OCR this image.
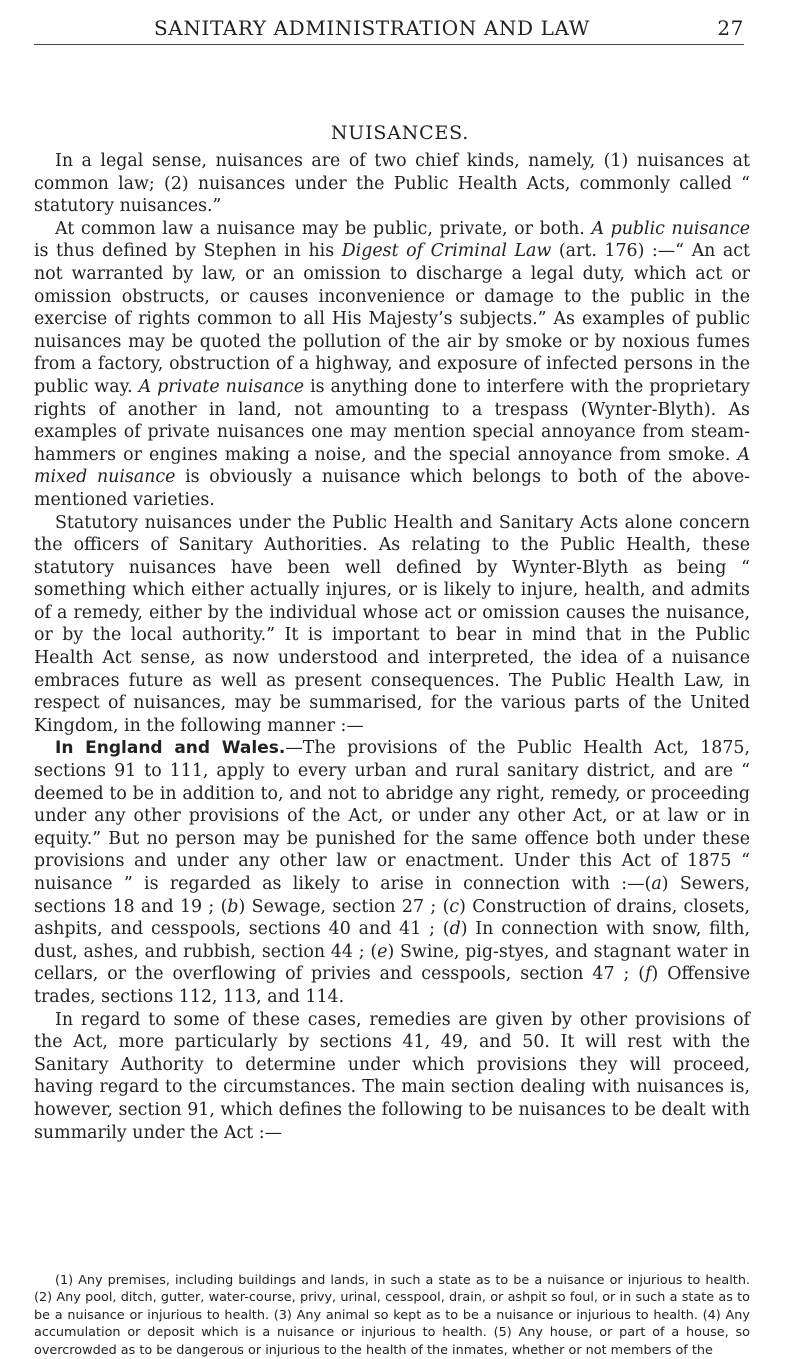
SANITARY ADMINISTRATION AND LAW	27
NUISANCES.

In a legal sense, nuisances are of two chief kinds, namely, (1) nuisances at common law; (2) nuisances under the Public Health Acts, commonly called “ statutory nuisances.”

At common law a nuisance may be public, private, or both. A public nuisance is thus defined by Stephen in his Digest of Criminal Law (art. 176) :—“ An act not warranted by law, or an omission to discharge a legal duty, which act or omission obstructs, or causes inconvenience or damage to the public in the exercise of rights common to all His Majesty’s subjects.” As examples of public nuisances may be quoted the pollution of the air by smoke or by noxious fumes from a factory, obstruction of a highway, and exposure of infected persons in the public way. A private nuisance is anything done to interfere with the proprietary rights of another in land, not amounting to a trespass (Wynter-Blyth). As examples of private nuisances one may mention special annoyance from steam-hammers or engines making a noise, and the special annoyance from smoke. A mixed nuisance is obviously a nuisance which belongs to both of the above-mentioned varieties.

Statutory nuisances under the Public Health and Sanitary Acts alone concern the officers of Sanitary Authorities. As relating to the Public Health, these statutory nuisances have been well defined by Wynter-Blyth as being “ something which either actually injures, or is likely to injure, health, and admits of a remedy, either by the individual whose act or omission causes the nuisance, or by the local authority.” It is important to bear in mind that in the Public Health Act sense, as now understood and interpreted, the idea of a nuisance embraces future as well as present consequences. The Public Health Law, in respect of nuisances, may be summarised, for the various parts of the United Kingdom, in the following manner :—

In England and Wales.—The provisions of the Public Health Act, 1875, sections 91 to 111, apply to every urban and rural sanitary district, and are “ deemed to be in addition to, and not to abridge any right, remedy, or proceeding under any other provisions of the Act, or under any other Act, or at law or in equity.” But no person may be punished for the same offence both under these provisions and under any other law or enactment. Under this Act of 1875 “ nuisance ” is regarded as likely to arise in connection with :—(a) Sewers, sections 18 and 19 ; (b) Sewage, section 27 ; (c) Construction of drains, closets, ashpits, and cesspools, sections 40 and 41 ; (d) In connection with snow, filth, dust, ashes, and rubbish, section 44 ; (e) Swine, pig-styes, and stagnant water in cellars, or the overflowing of privies and cesspools, section 47 ; (f) Offensive trades, sections 112, 113, and 114.

In regard to some of these cases, remedies are given by other provisions of the Act, more particularly by sections 41, 49, and 50. It will rest with the Sanitary Authority to determine under which provisions they will proceed, having regard to the circumstances. The main section dealing with nuisances is, however, section 91, which defines the following to be nuisances to be dealt with summarily under the Act :—

(1) Any premises, including buildings and lands, in such a state as to be a nuisance or injurious to health. (2) Any pool, ditch, gutter, water-course, privy, urinal, cesspool, drain, or ashpit so foul, or in such a state as to be a nuisance or injurious to health. (3) Any animal so kept as to be a nuisance or injurious to health. (4) Any accumulation or deposit which is a nuisance or injurious to health. (5) Any house, or part of a house, so overcrowded as to be dangerous or injurious to the health of the inmates, whether or not members of the
